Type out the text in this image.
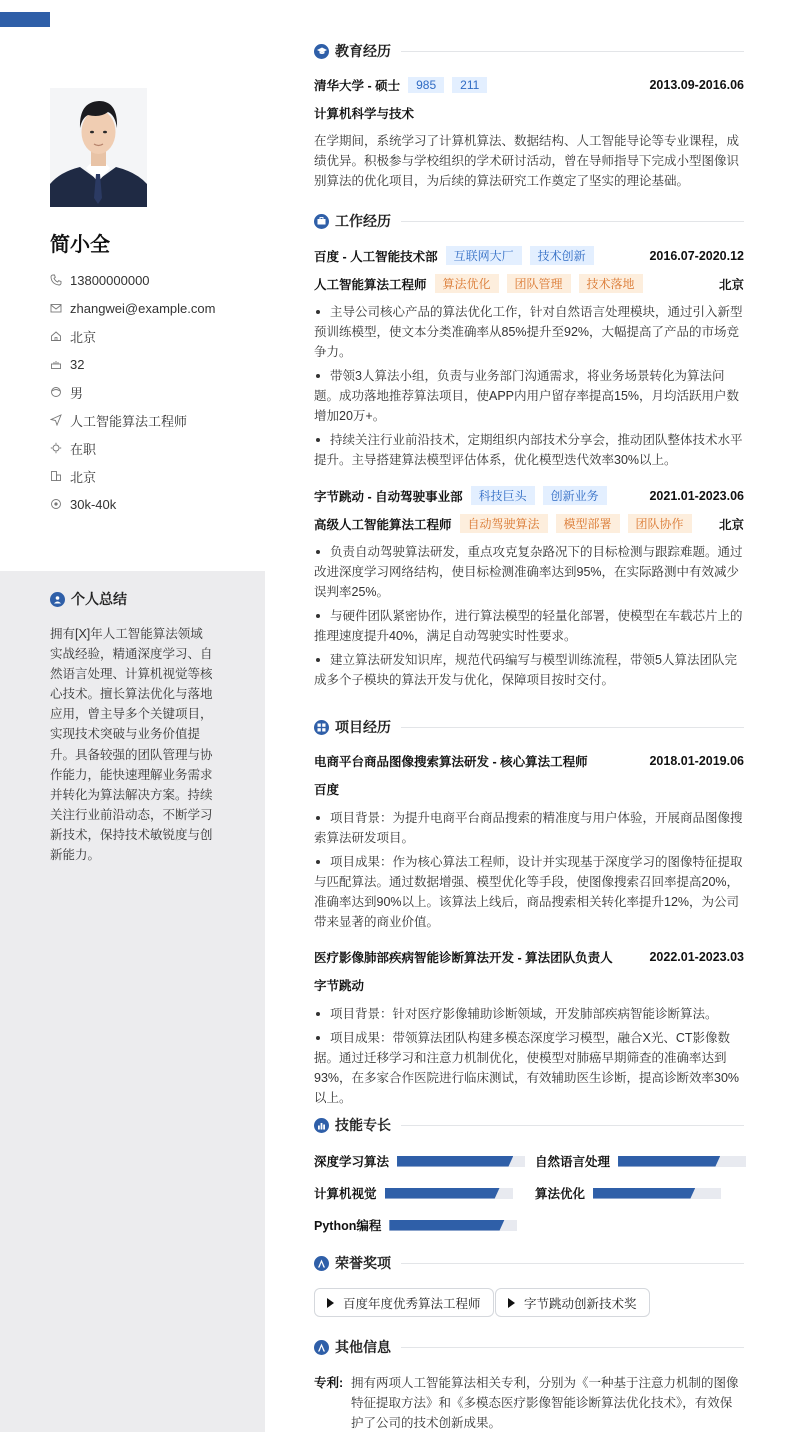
简小全
13800000000
zhangwei@example.com
北京
32
男
人工智能算法工程师
在职
北京
30k-40k
个人总结
拥有[X]年人工智能算法领域实战经验，精通深度学习、自然语言处理、计算机视觉等核心技术。擅长算法优化与落地应用，曾主导多个关键项目，实现技术突破与业务价值提升。具备较强的团队管理与协作能力，能快速理解业务需求并转化为算法解决方案。持续关注行业前沿动态，不断学习新技术，保持技术敏锐度与创新能力。
教育经历
清华大学 - 硕士	985	211	2013.09-2016.06
计算机科学与技术
在学期间，系统学习了计算机算法、数据结构、人工智能导论等专业课程，成绩优异。积极参与学校组织的学术研讨活动，曾在导师指导下完成小型图像识别算法的优化项目，为后续的算法研究工作奠定了坚实的理论基础。
工作经历
百度 - 人工智能技术部	互联网大厂	技术创新	2016.07-2020.12
人工智能算法工程师	算法优化	团队管理	技术落地	北京
主导公司核心产品的算法优化工作，针对自然语言处理模块，通过引入新型预训练模型，使文本分类准确率从85%提升至92%，大幅提高了产品的市场竞争力。
带领3人算法小组，负责与业务部门沟通需求，将业务场景转化为算法问题。成功落地推荐算法项目，使APP内用户留存率提高15%，月均活跃用户数增加20万+。
持续关注行业前沿技术，定期组织内部技术分享会，推动团队整体技术水平提升。主导搭建算法模型评估体系，优化模型迭代效率30%以上。
字节跳动 - 自动驾驶事业部	科技巨头	创新业务	2021.01-2023.06
高级人工智能算法工程师	自动驾驶算法	模型部署	团队协作	北京
负责自动驾驶算法研发，重点攻克复杂路况下的目标检测与跟踪难题。通过改进深度学习网络结构，使目标检测准确率达到95%，在实际路测中有效减少误判率25%。
与硬件团队紧密协作，进行算法模型的轻量化部署，使模型在车载芯片上的推理速度提升40%，满足自动驾驶实时性要求。
建立算法研发知识库，规范代码编写与模型训练流程，带领5人算法团队完成多个子模块的算法开发与优化，保障项目按时交付。
项目经历
电商平台商品图像搜索算法研发 - 核心算法工程师	2018.01-2019.06
百度
项目背景：为提升电商平台商品搜索的精准度与用户体验，开展商品图像搜索算法研发项目。
项目成果：作为核心算法工程师，设计并实现基于深度学习的图像特征提取与匹配算法。通过数据增强、模型优化等手段，使图像搜索召回率提高20%，准确率达到90%以上。该算法上线后，商品搜索相关转化率提升12%，为公司带来显著的商业价值。
医疗影像肺部疾病智能诊断算法开发 - 算法团队负责人	2022.01-2023.03
字节跳动
项目背景：针对医疗影像辅助诊断领域，开发肺部疾病智能诊断算法。
项目成果：带领算法团队构建多模态深度学习模型，融合X光、CT影像数据。通过迁移学习和注意力机制优化，使模型对肺癌早期筛查的准确率达到93%，在多家合作医院进行临床测试，有效辅助医生诊断，提高诊断效率30%以上。
技能专长
深度学习算法	自然语言处理
计算机视觉	算法优化
Python编程
荣誉奖项
百度年度优秀算法工程师	字节跳动创新技术奖
其他信息
专利: 拥有两项人工智能算法相关专利，分别为《一种基于注意力机制的图像特征提取方法》和《多模态医疗影像智能诊断算法优化技术》，有效保护了公司的技术创新成果。
